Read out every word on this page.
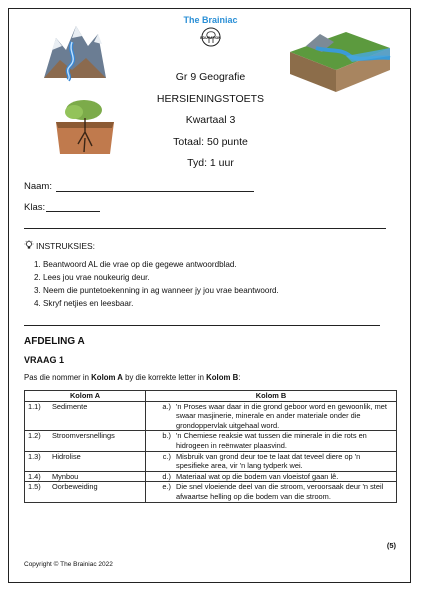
The Brainiac
EDUCATION
Gr 9 Geografie
HERSIENINGSTOETS
Kwartaal 3
Totaal: 50 punte
Tyd: 1 uur
Naam:
Klas:
INSTRUKSIES:
1. Beantwoord AL die vrae op die gegewe antwoordblad.
2. Lees jou vrae noukeurig deur.
3. Neem die puntetoekenning in ag wanneer jy jou vrae beantwoord.
4. Skryf netjies en leesbaar.
AFDELING A
VRAAG 1
Pas die nommer in Kolom A by die korrekte letter in Kolom B:
Kolom A		Kolom B	
1.1)	Sedimente	a.)	'n Proses waar daar in die grond geboor word en gewoonlik, met swaar masjinerie, minerale en ander materiale onder die grondoppervlak uitgehaal word.
1.2)	Stroomversnellings	b.)	'n Chemiese reaksie wat tussen die minerale in die rots en hidrogeen in reënwater plaasvind.
1.3)	Hidrolise	c.)	Misbruik van grond deur toe te laat dat teveel diere op 'n spesifieke area, vir 'n lang tydperk wei.
1.4)	Mynbou	d.)	Materiaal wat op die bodem van vloeistof gaan lê.
1.5)	Oorbeweiding	e.)	Die snel vloeiende deel van die stroom, veroorsaak deur 'n steil afwaartse helling op die bodem van die stroom.
(5)
Copyright © The Brainiac 2022
